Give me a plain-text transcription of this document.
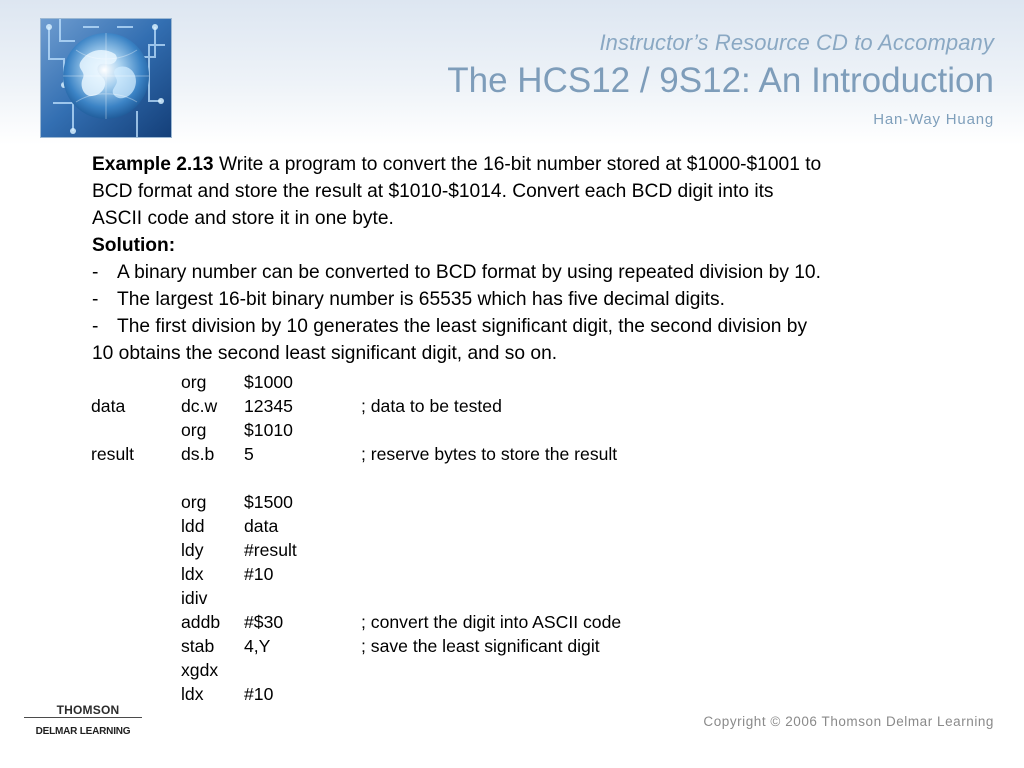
Instructor’s Resource CD to Accompany
The HCS12 / 9S12: An Introduction
Han-Way Huang
Example 2.13 Write a program to convert the 16-bit number stored at $1000-$1001 to
BCD format and store the result at $1010-$1014. Convert each BCD digit into its
ASCII code and store it in one byte.
Solution:
- A binary number can be converted to BCD format by using repeated division by 10.
- The largest 16-bit binary number is 65535 which has five decimal digits.
- The first division by 10 generates the least significant digit, the second division by
10 obtains the second least significant digit, and so on.
org $1000
data	dc.w 12345	; data to be tested
org $1010
result	ds.b 5	; reserve bytes to store the result
org $1500
ldd data
ldy #result
ldx #10
idiv
addb #$30	; convert the digit into ASCII code
stab 4,Y	; save the least significant digit
xgdx
ldx #10
THOMSON
DELMAR LEARNING
Copyright © 2006 Thomson Delmar Learning
